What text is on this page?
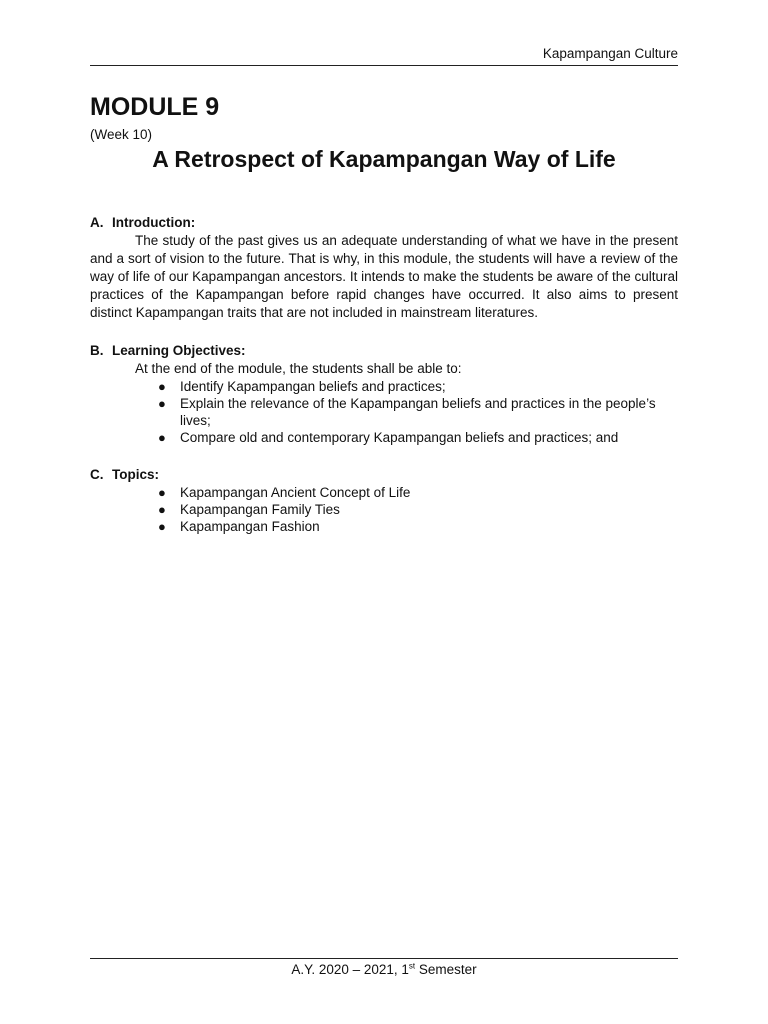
Kapampangan Culture
MODULE 9
(Week 10)
A Retrospect of Kapampangan Way of Life

A. Introduction:

The study of the past gives us an adequate understanding of what we have in the present and a sort of vision to the future. That is why, in this module, the students will have a review of the way of life of our Kapampangan ancestors. It intends to make the students be aware of the cultural practices of the Kapampangan before rapid changes have occurred. It also aims to present distinct Kapampangan traits that are not included in mainstream literatures.

B. Learning Objectives:

At the end of the module, the students shall be able to:

● Identify Kapampangan beliefs and practices;
● Explain the relevance of the Kapampangan beliefs and practices in the people’s lives;
● Compare old and contemporary Kapampangan beliefs and practices; and

C. Topics:

● Kapampangan Ancient Concept of Life
● Kapampangan Family Ties
● Kapampangan Fashion
A.Y. 2020 – 2021, 1st Semester
